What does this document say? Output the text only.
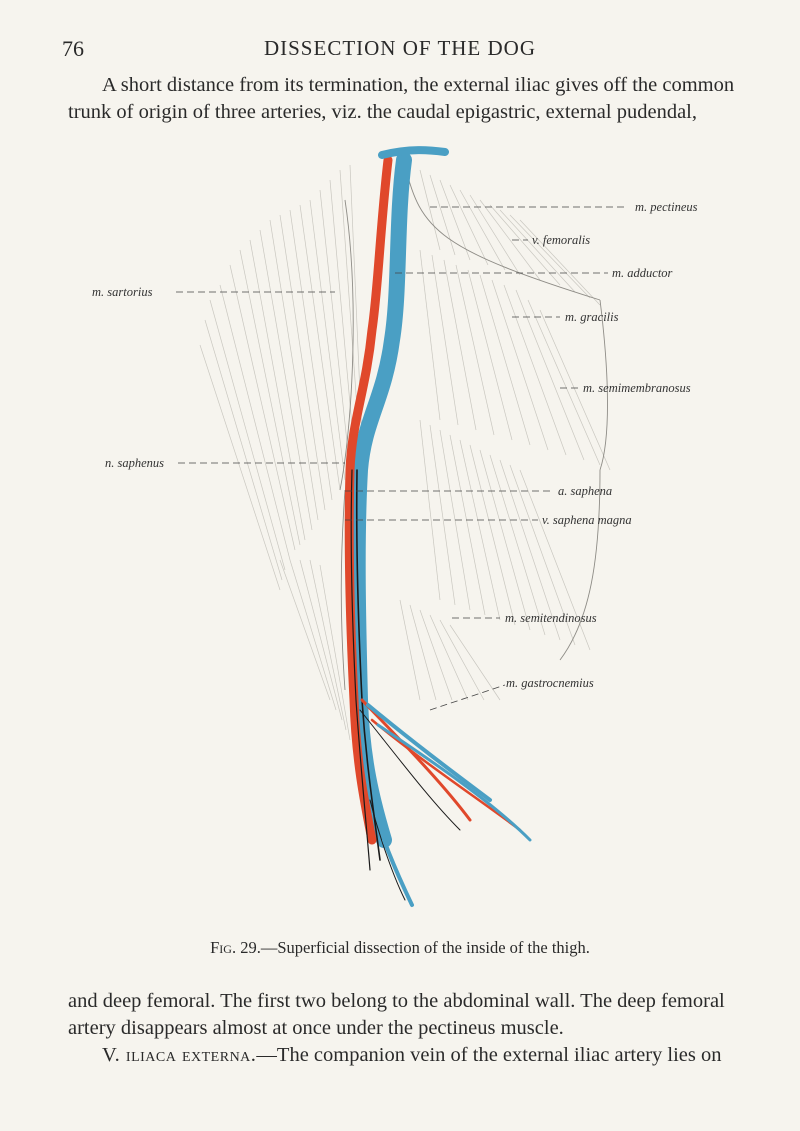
76	DISSECTION OF THE DOG
A short distance from its termination, the external iliac gives off the common trunk of origin of three arteries, viz. the caudal epigastric, external pudendal,
m. pectineus
v. femoralis
m. adductor
m. gracilis
m. semimembranosus
m. sartorius
n. saphenus
a. saphena
v. saphena magna
m. semitendinosus
m. gastrocnemius
Fig. 29.—Superficial dissection of the inside of the thigh.
and deep femoral. The first two belong to the abdominal wall. The deep femoral artery disappears almost at once under the pectineus muscle.
V. iliaca externa.—The companion vein of the external iliac artery lies on
